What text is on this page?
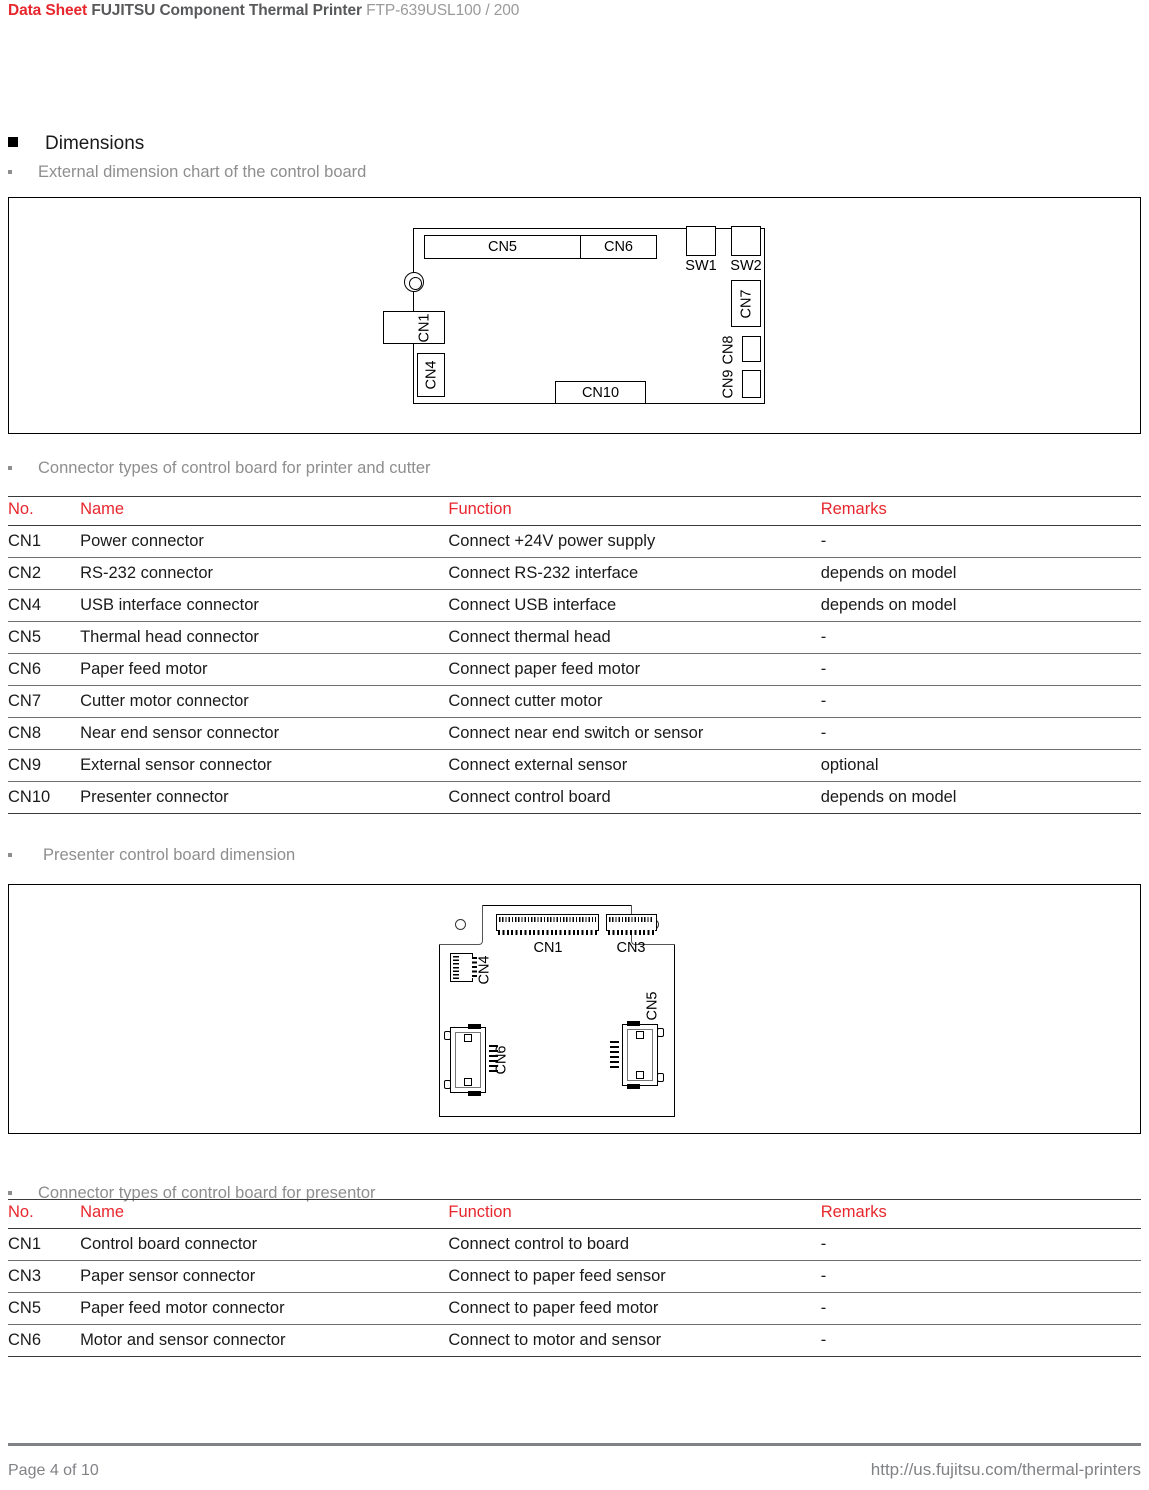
Data Sheet FUJITSU Component Thermal Printer FTP-639USL100 / 200
Dimensions
External dimension chart of the control board
CN5	CN6
SW1 SW2
CN7
CN8
CN9
CN1
CN4
CN10
Connector types of control board for printer and cutter
No.	Name	Function	Remarks
CN1	Power connector	Connect +24V power supply	-
CN2	RS-232 connector	Connect RS-232 interface	depends on model
CN4	USB interface connector	Connect USB interface	depends on model
CN5	Thermal head connector	Connect thermal head	-
CN6	Paper feed motor	Connect paper feed motor	-
CN7	Cutter motor connector	Connect cutter motor	-
CN8	Near end sensor connector	Connect near end switch or sensor	-
CN9	External sensor connector	Connect external sensor	optional
CN10	Presenter connector	Connect control board	depends on model
Presenter control board dimension
CN1	CN3
CN4
CN6
CN5
Connector types of control board for presentor
No.	Name	Function	Remarks
CN1	Control board connector	Connect control to board	-
CN3	Paper sensor connector	Connect to paper feed sensor	-
CN5	Paper feed motor connector	Connect to paper feed motor	-
CN6	Motor and sensor connector	Connect to motor and sensor	-
Page 4 of 10	http://us.fujitsu.com/thermal-printers
